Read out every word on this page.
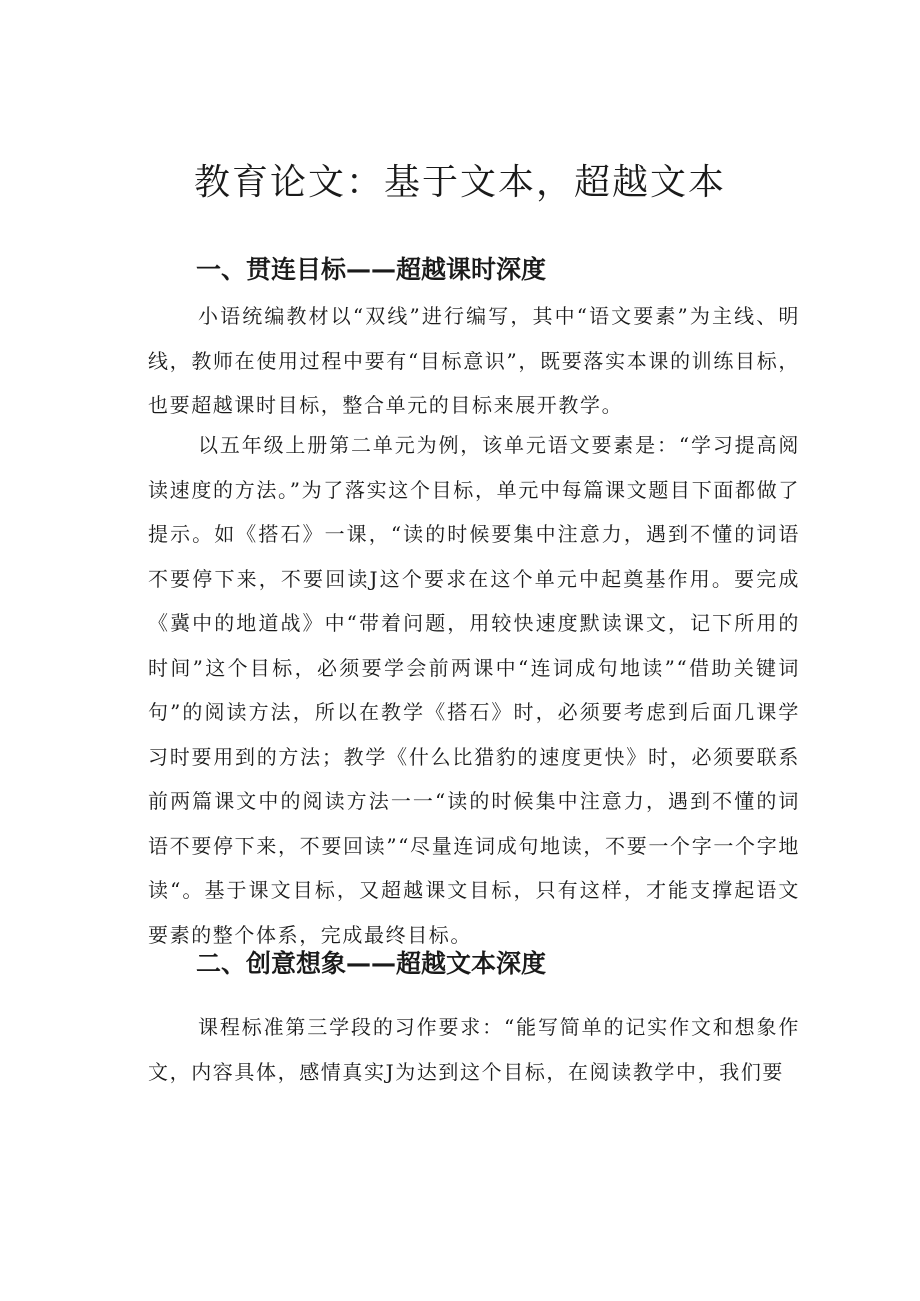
教育论文：基于文本，超越文本
一、贯连目标——超越课时深度

小语统编教材以“双线”进行编写，其中“语文要素”为主线、明线，教师在使用过程中要有“目标意识”，既要落实本课的训练目标，也要超越课时目标，整合单元的目标来展开教学。

以五年级上册第二单元为例，该单元语文要素是：“学习提高阅读速度的方法。”为了落实这个目标，单元中每篇课文题目下面都做了提示。如《搭石》一课，“读的时候要集中注意力，遇到不懂的词语不要停下来，不要回读J这个要求在这个单元中起奠基作用。要完成《冀中的地道战》中“带着问题，用较快速度默读课文，记下所用的时间”这个目标，必须要学会前两课中“连词成句地读”“借助关键词句”的阅读方法，所以在教学《搭石》时，必须要考虑到后面几课学习时要用到的方法；教学《什么比猎豹的速度更快》时，必须要联系前两篇课文中的阅读方法一一“读的时候集中注意力，遇到不懂的词语不要停下来，不要回读”“尽量连词成句地读，不要一个字一个字地读“。基于课文目标，又超越课文目标，只有这样，才能支撑起语文要素的整个体系，完成最终目标。

二、创意想象——超越文本深度

课程标准第三学段的习作要求：“能写简单的记实作文和想象作文，内容具体，感情真实J为达到这个目标，在阅读教学中，我们要
